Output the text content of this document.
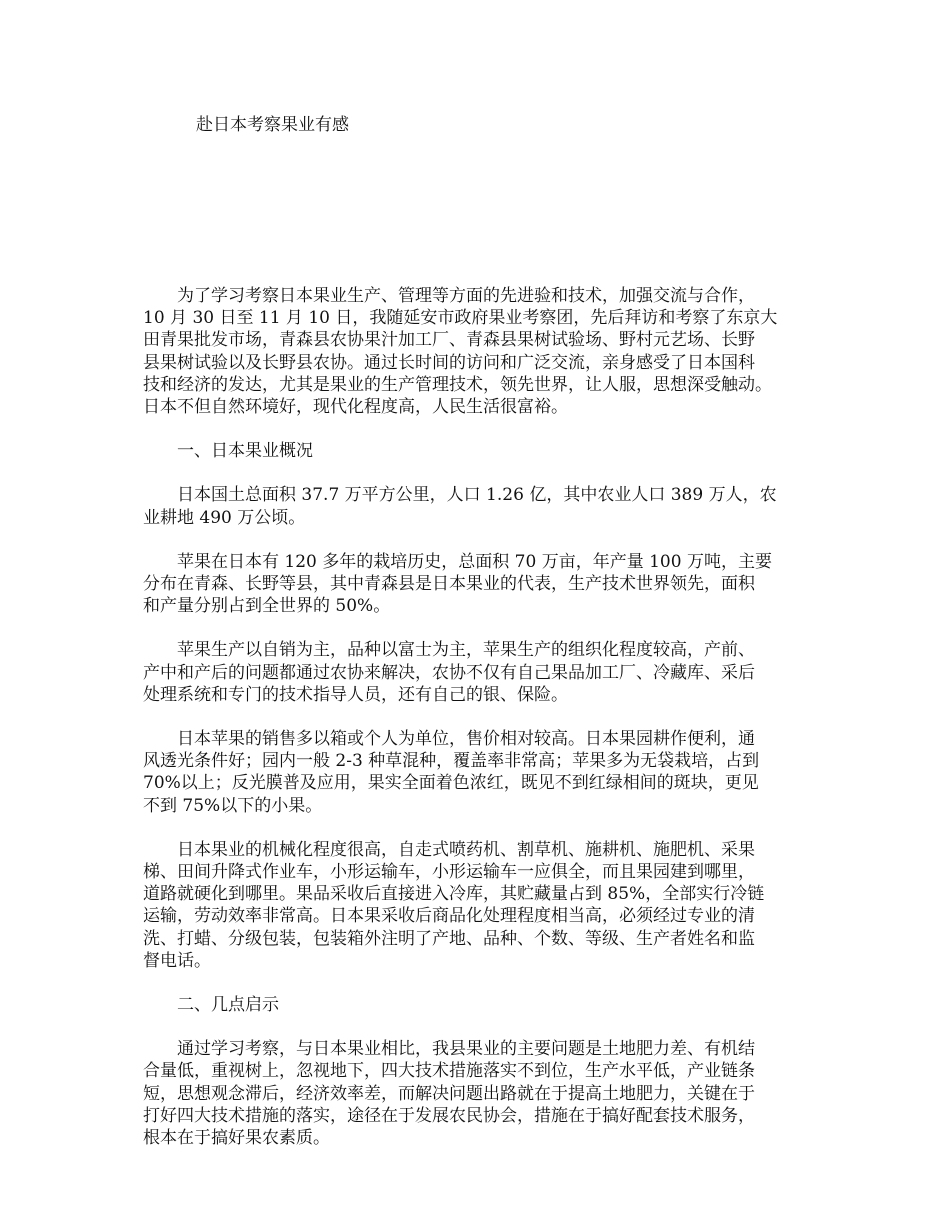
赴日本考察果业有感

为了学习考察日本果业生产、管理等方面的先进验和技术，加强交流与合作，
10 月 30 日至 11 月 10 日，我随延安市政府果业考察团，先后拜访和考察了东京大
田青果批发市场，青森县农协果汁加工厂、青森县果树试验场、野村元艺场、长野
县果树试验以及长野县农协。通过长时间的访问和广泛交流，亲身感受了日本国科
技和经济的发达，尤其是果业的生产管理技术，领先世界，让人服，思想深受触动。
日本不但自然环境好，现代化程度高，人民生活很富裕。

一、日本果业概况

日本国土总面积 37.7 万平方公里，人口 1.26 亿，其中农业人口 389 万人，农
业耕地 490 万公顷。

苹果在日本有 120 多年的栽培历史，总面积 70 万亩，年产量 100 万吨，主要
分布在青森、长野等县，其中青森县是日本果业的代表，生产技术世界领先，面积
和产量分别占到全世界的 50%。

苹果生产以自销为主，品种以富士为主，苹果生产的组织化程度较高，产前、
产中和产后的问题都通过农协来解决，农协不仅有自己果品加工厂、冷藏库、采后
处理系统和专门的技术指导人员，还有自己的银、保险。

日本苹果的销售多以箱或个人为单位，售价相对较高。日本果园耕作便利，通
风透光条件好；园内一般 2-3 种草混种，覆盖率非常高；苹果多为无袋栽培，占到
70%以上；反光膜普及应用，果实全面着色浓红，既见不到红绿相间的斑块，更见
不到 75%以下的小果。

日本果业的机械化程度很高，自走式喷药机、割草机、施耕机、施肥机、采果
梯、田间升降式作业车，小形运输车，小形运输车一应俱全，而且果园建到哪里，
道路就硬化到哪里。果品采收后直接进入冷库，其贮藏量占到 85%，全部实行冷链
运输，劳动效率非常高。日本果采收后商品化处理程度相当高，必须经过专业的清
洗、打蜡、分级包装，包装箱外注明了产地、品种、个数、等级、生产者姓名和监
督电话。

二、几点启示

通过学习考察，与日本果业相比，我县果业的主要问题是土地肥力差、有机结
合量低，重视树上，忽视地下，四大技术措施落实不到位，生产水平低，产业链条
短，思想观念滞后，经济效率差，而解决问题出路就在于提高土地肥力，关键在于
打好四大技术措施的落实，途径在于发展农民协会，措施在于搞好配套技术服务，
根本在于搞好果农素质。
